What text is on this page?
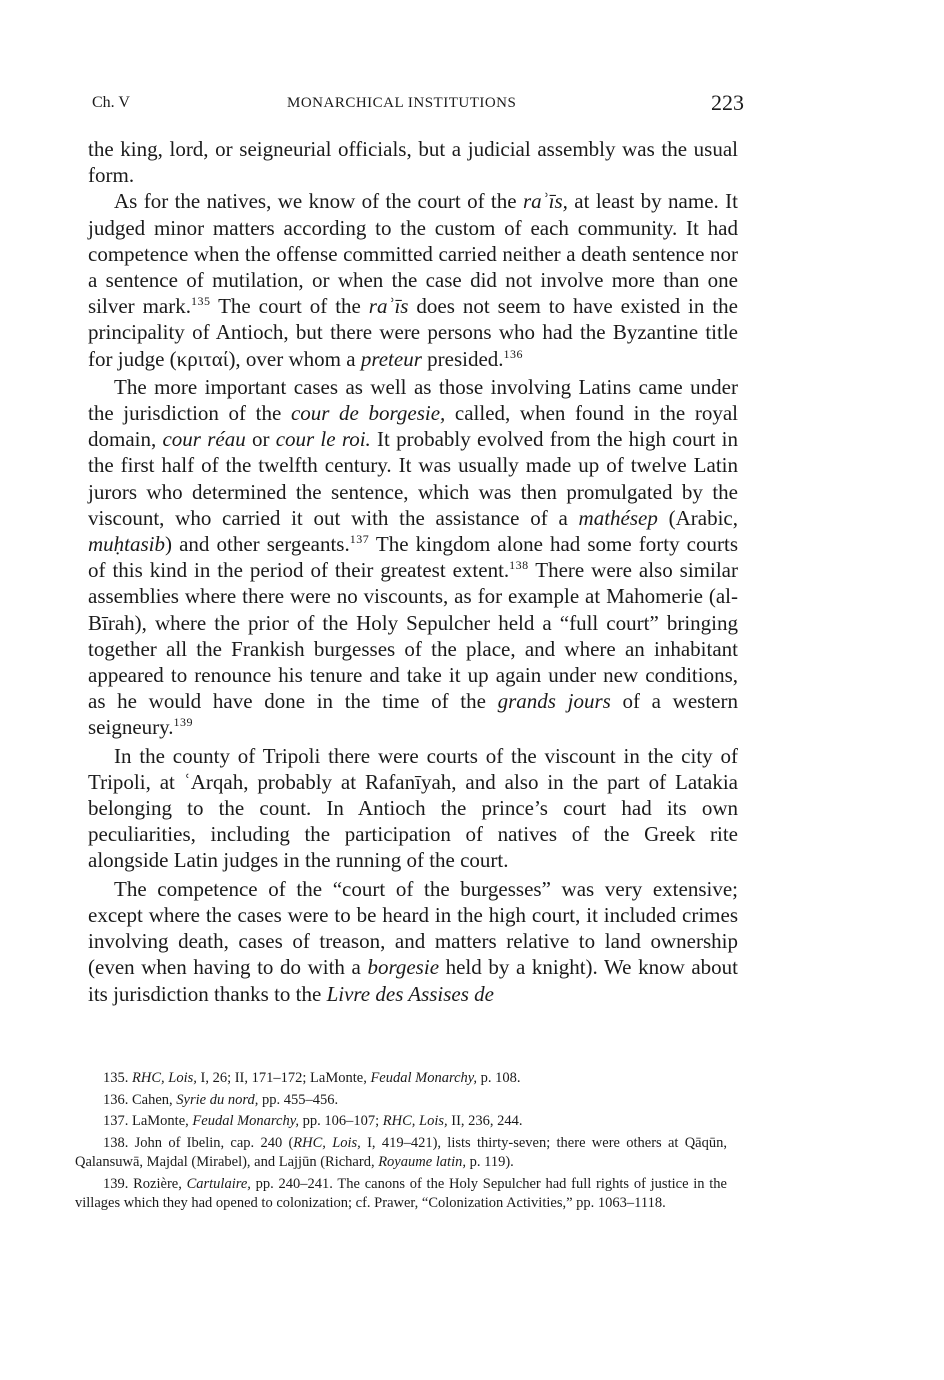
Ch. V	MONARCHICAL INSTITUTIONS	223

the king, lord, or seigneurial officials, but a judicial assembly was the usual form.

As for the natives, we know of the court of the raʾīs, at least by name. It judged minor matters according to the custom of each community. It had competence when the offense committed carried neither a death sentence nor a sentence of mutilation, or when the case did not involve more than one silver mark.$^{135}$ The court of the raʾīs does not seem to have existed in the principality of Antioch, but there were persons who had the Byzantine title for judge (κριταί), over whom a preteur presided.$^{136}$

The more important cases as well as those involving Latins came under the jurisdiction of the cour de borgesie, called, when found in the royal domain, cour réau or cour le roi. It probably evolved from the high court in the first half of the twelfth century. It was usually made up of twelve Latin jurors who determined the sentence, which was then promulgated by the viscount, who carried it out with the assistance of a mathésep (Arabic, muḥtasib) and other sergeants.$^{137}$ The kingdom alone had some forty courts of this kind in the period of their greatest extent.$^{138}$ There were also similar assemblies where there were no viscounts, as for example at Mahomerie (al-Bīrah), where the prior of the Holy Sepulcher held a “full court” bringing together all the Frankish burgesses of the place, and where an inhabitant appeared to renounce his tenure and take it up again under new conditions, as he would have done in the time of the grands jours of a western seigneury.$^{139}$

In the county of Tripoli there were courts of the viscount in the city of Tripoli, at ʿArqah, probably at Rafanīyah, and also in the part of Latakia belonging to the count. In Antioch the prince’s court had its own peculiarities, including the participation of natives of the Greek rite alongside Latin judges in the running of the court.

The competence of the “court of the burgesses” was very extensive; except where the cases were to be heard in the high court, it included crimes involving death, cases of treason, and matters relative to land ownership (even when having to do with a borgesie held by a knight). We know about its jurisdiction thanks to the Livre des Assises de

135. RHC, Lois, I, 26; II, 171–172; LaMonte, Feudal Monarchy, p. 108.

136. Cahen, Syrie du nord, pp. 455–456.

137. LaMonte, Feudal Monarchy, pp. 106–107; RHC, Lois, II, 236, 244.

138. John of Ibelin, cap. 240 (RHC, Lois, I, 419–421), lists thirty-seven; there were others at Qāqūn, Qalansuwā, Majdal (Mirabel), and Lajjūn (Richard, Royaume latin, p. 119).

139. Rozière, Cartulaire, pp. 240–241. The canons of the Holy Sepulcher had full rights of justice in the villages which they had opened to colonization; cf. Prawer, “Colonization Activities,” pp. 1063–1118.
